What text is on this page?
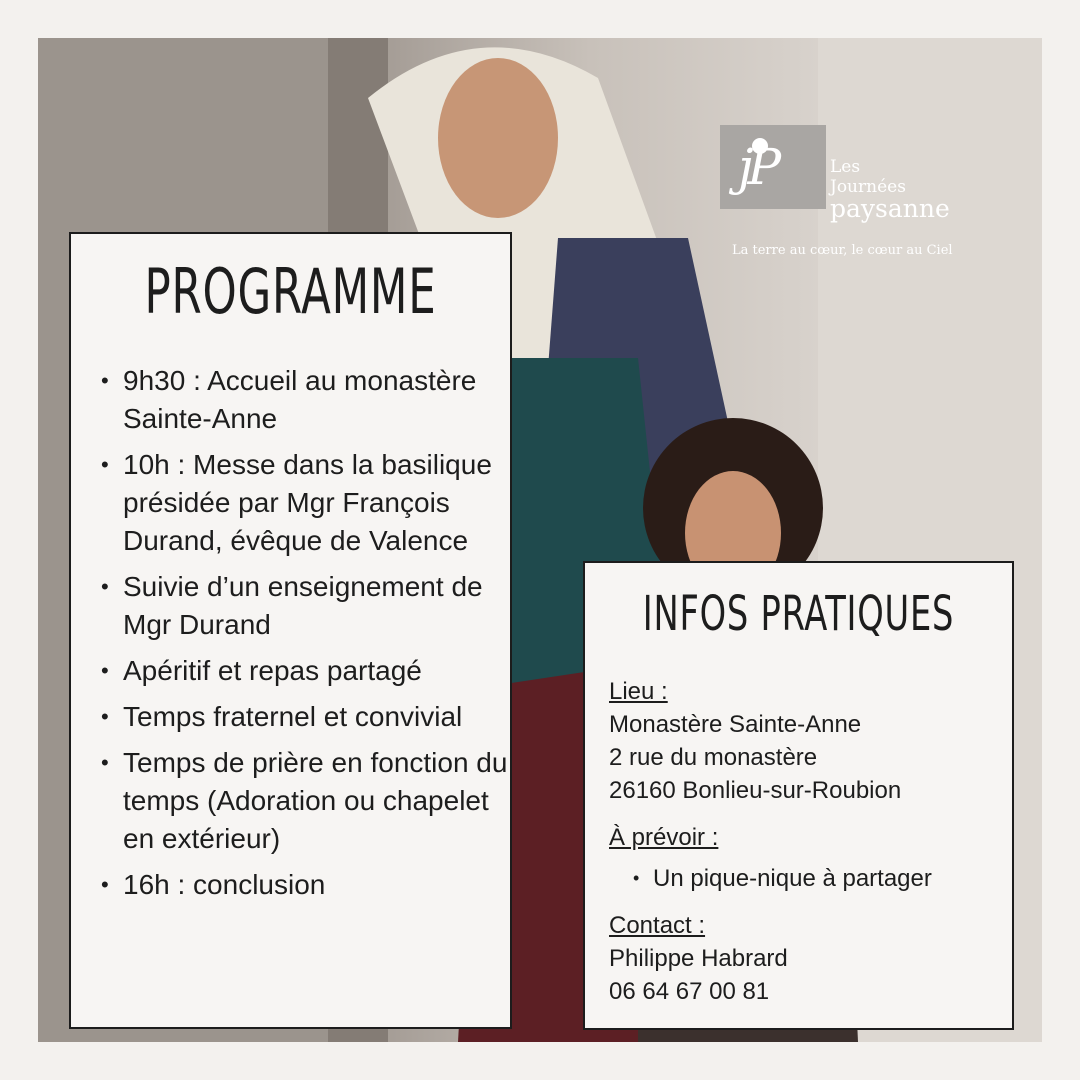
jP	Les
Journées
paysanne
La terre au cœur, le cœur au Ciel
PROGRAMME
• 9h30 : Accueil au monastère Sainte-Anne
• 10h : Messe dans la basilique présidée par Mgr François Durand, évêque de Valence
• Suivie d’un enseignement de Mgr Durand
• Apéritif et repas partagé
• Temps fraternel et convivial
• Temps de prière en fonction du temps (Adoration ou chapelet en extérieur)
• 16h : conclusion
INFOS PRATIQUES
Lieu :
Monastère Sainte-Anne
2 rue du monastère
26160 Bonlieu-sur-Roubion
À prévoir :
• Un pique-nique à partager
Contact :
Philippe Habrard
06 64 67 00 81
